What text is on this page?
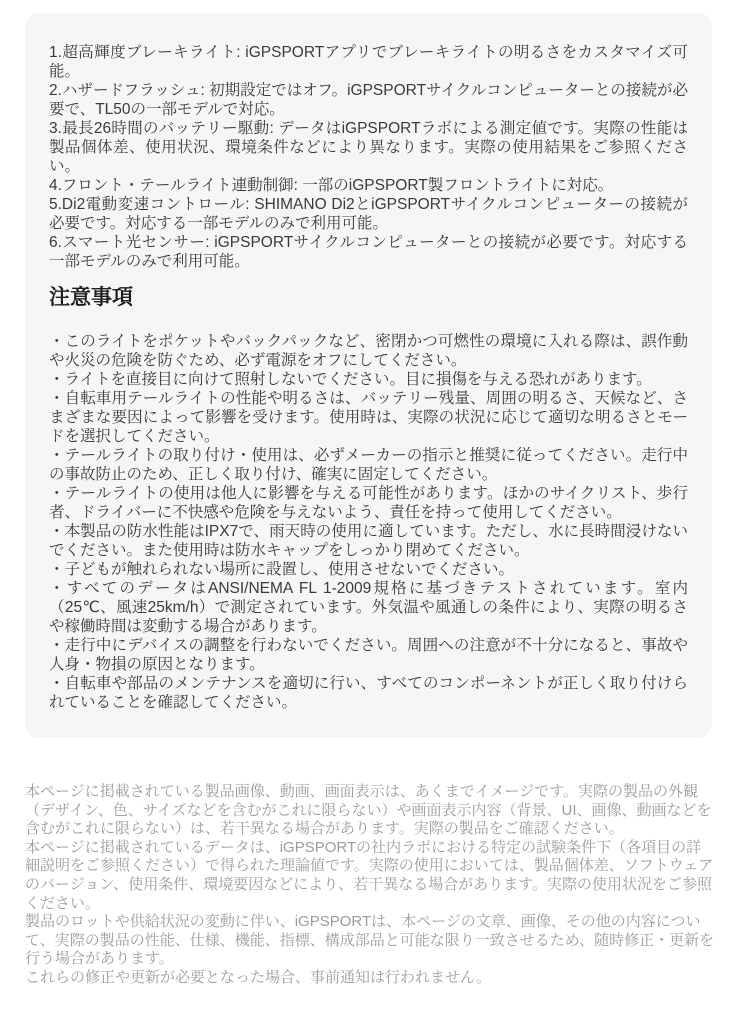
1.超高輝度ブレーキライト: iGPSPORTアプリでブレーキライトの明るさをカスタマイズ可能。

2.ハザードフラッシュ: 初期設定ではオフ。iGPSPORTサイクルコンピューターとの接続が必要で、TL50の一部モデルで対応。

3.最長26時間のバッテリー駆動: データはiGPSPORTラボによる測定値です。実際の性能は製品個体差、使用状況、環境条件などにより異なります。実際の使用結果をご参照ください。

4.フロント・テールライト連動制御: 一部のiGPSPORT製フロントライトに対応。

5.Di2電動変速コントロール: SHIMANO Di2とiGPSPORTサイクルコンピューターの接続が必要です。対応する一部モデルのみで利用可能。

6.スマート光センサー: iGPSPORTサイクルコンピューターとの接続が必要です。対応する一部モデルのみで利用可能。

注意事項

・このライトをポケットやバックパックなど、密閉かつ可燃性の環境に入れる際は、誤作動や火災の危険を防ぐため、必ず電源をオフにしてください。

・ライトを直接目に向けて照射しないでください。目に損傷を与える恐れがあります。

・自転車用テールライトの性能や明るさは、バッテリー残量、周囲の明るさ、天候など、さまざまな要因によって影響を受けます。使用時は、実際の状況に応じて適切な明るさとモードを選択してください。

・テールライトの取り付け・使用は、必ずメーカーの指示と推奨に従ってください。走行中の事故防止のため、正しく取り付け、確実に固定してください。

・テールライトの使用は他人に影響を与える可能性があります。ほかのサイクリスト、歩行者、ドライバーに不快感や危険を与えないよう、責任を持って使用してください。

・本製品の防水性能はIPX7で、雨天時の使用に適しています。ただし、水に長時間浸けないでください。また使用時は防水キャップをしっかり閉めてください。

・子どもが触れられない場所に設置し、使用させないでください。

・すべてのデータはANSI/NEMA FL 1-2009規格に基づきテストされています。室内（25℃、風速25km/h）で測定されています。外気温や風通しの条件により、実際の明るさや稼働時間は変動する場合があります。

・走行中にデバイスの調整を行わないでください。周囲への注意が不十分になると、事故や人身・物損の原因となります。

・自転車や部品のメンテナンスを適切に行い、すべてのコンポーネントが正しく取り付けられていることを確認してください。

本ページに掲載されている製品画像、動画、画面表示は、あくまでイメージです。実際の製品の外観（デザイン、色、サイズなどを含むがこれに限らない）や画面表示内容（背景、UI、画像、動画などを含むがこれに限らない）は、若干異なる場合があります。実際の製品をご確認ください。

本ページに掲載されているデータは、iGPSPORTの社内ラボにおける特定の試験条件下（各項目の詳細説明をご参照ください）で得られた理論値です。実際の使用においては、製品個体差、ソフトウェアのバージョン、使用条件、環境要因などにより、若干異なる場合があります。実際の使用状況をご参照ください。

製品のロットや供給状況の変動に伴い、iGPSPORTは、本ページの文章、画像、その他の内容について、実際の製品の性能、仕様、機能、指標、構成部品と可能な限り一致させるため、随時修正・更新を行う場合があります。

これらの修正や更新が必要となった場合、事前通知は行われません。
